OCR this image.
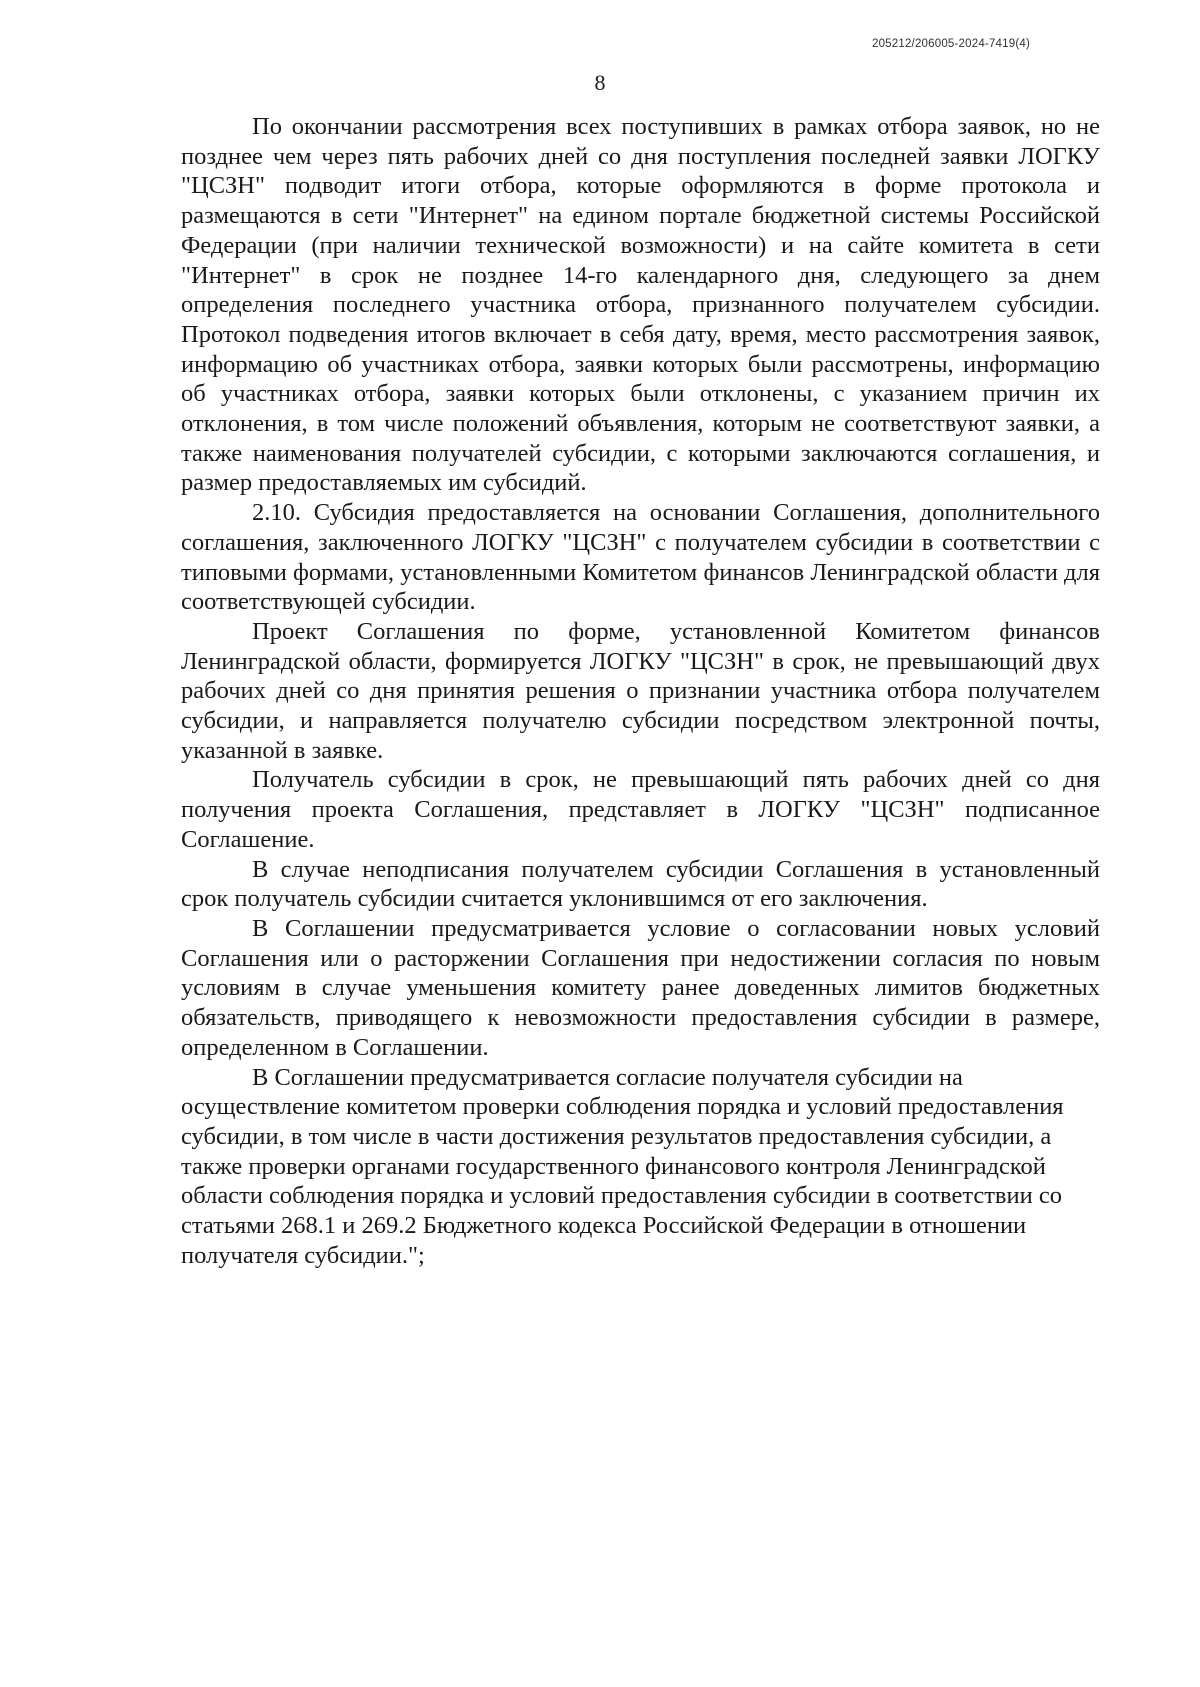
205212/206005-2024-7419(4)
8

По окончании рассмотрения всех поступивших в рамках отбора заявок, но не позднее чем через пять рабочих дней со дня поступления последней заявки ЛОГКУ "ЦСЗН" подводит итоги отбора, которые оформляются в форме протокола и размещаются в сети "Интернет" на едином портале бюджетной системы Российской Федерации (при наличии технической возможности) и на сайте комитета в сети "Интернет" в срок не позднее 14-го календарного дня, следующего за днем определения последнего участника отбора, признанного получателем субсидии. Протокол подведения итогов включает в себя дату, время, место рассмотрения заявок, информацию об участниках отбора, заявки которых были рассмотрены, информацию об участниках отбора, заявки которых были отклонены, с указанием причин их отклонения, в том числе положений объявления, которым не соответствуют заявки, а также наименования получателей субсидии, с которыми заключаются соглашения, и размер предоставляемых им субсидий.

2.10. Субсидия предоставляется на основании Соглашения, дополнительного соглашения, заключенного ЛОГКУ "ЦСЗН" с получателем субсидии в соответствии с типовыми формами, установленными Комитетом финансов Ленинградской области для соответствующей субсидии.

Проект Соглашения по форме, установленной Комитетом финансов Ленинградской области, формируется ЛОГКУ "ЦСЗН" в срок, не превышающий двух рабочих дней со дня принятия решения о признании участника отбора получателем субсидии, и направляется получателю субсидии посредством электронной почты, указанной в заявке.

Получатель субсидии в срок, не превышающий пять рабочих дней со дня получения проекта Соглашения, представляет в ЛОГКУ "ЦСЗН" подписанное Соглашение.

В случае неподписания получателем субсидии Соглашения в установленный срок получатель субсидии считается уклонившимся от его заключения.

В Соглашении предусматривается условие о согласовании новых условий Соглашения или о расторжении Соглашения при недостижении согласия по новым условиям в случае уменьшения комитету ранее доведенных лимитов бюджетных обязательств, приводящего к невозможности предоставления субсидии в размере, определенном в Соглашении.

В Соглашении предусматривается согласие получателя субсидии на осуществление комитетом проверки соблюдения порядка и условий предоставления субсидии, в том числе в части достижения результатов предоставления субсидии, а также проверки органами государственного финансового контроля Ленинградской области соблюдения порядка и условий предоставления субсидии в соответствии со статьями 268.1 и 269.2 Бюджетного кодекса Российской Федерации в отношении получателя субсидии.";
